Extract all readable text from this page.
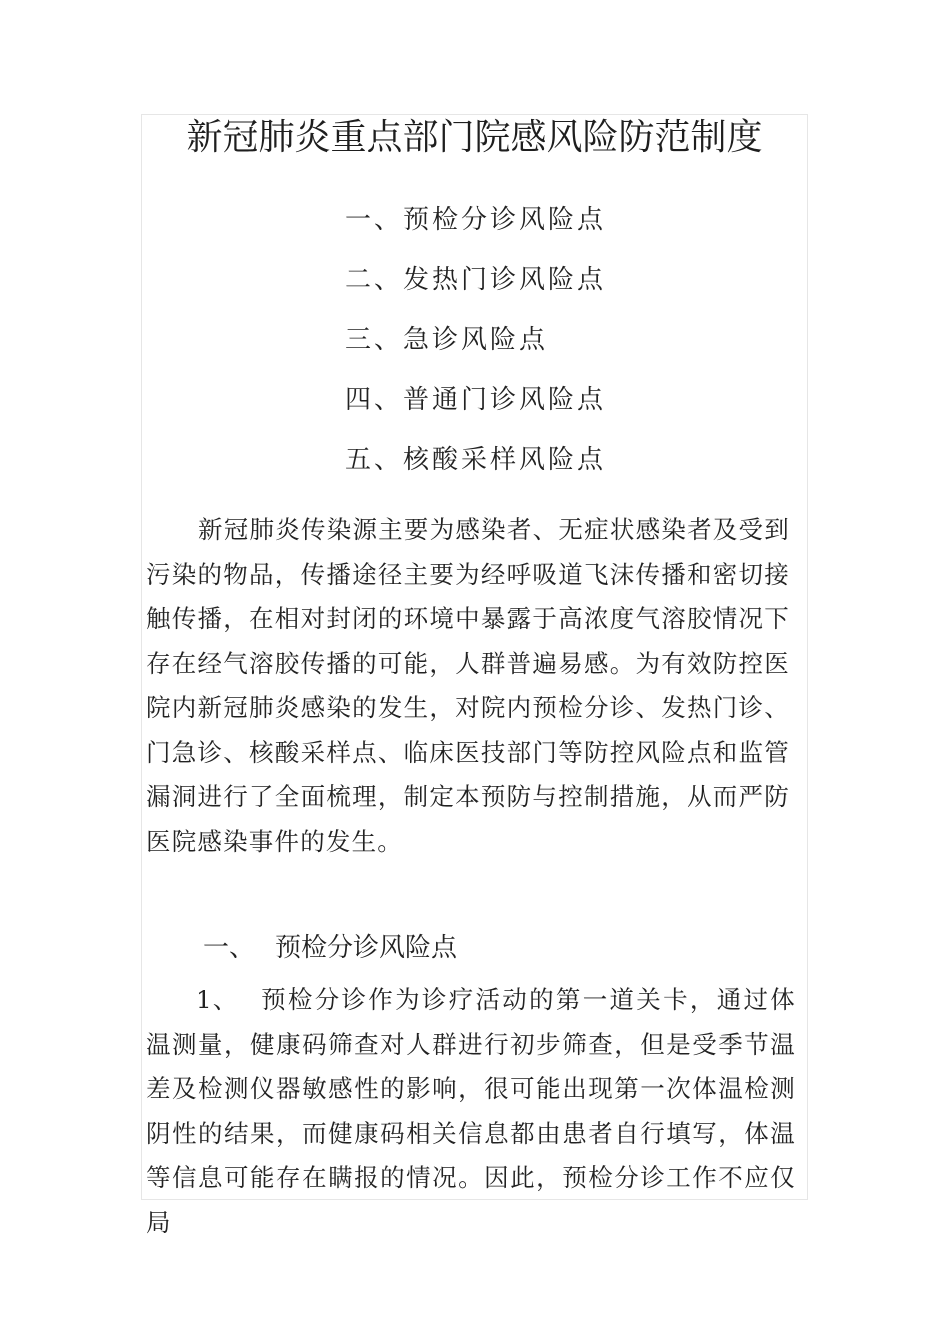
新冠肺炎重点部门院感风险防范制度
一、预检分诊风险点
二、发热门诊风险点
三、急诊风险点
四、普通门诊风险点
五、核酸采样风险点

新冠肺炎传染源主要为感染者、无症状感染者及受到污染的物品，传播途径主要为经呼吸道飞沫传播和密切接触传播，在相对封闭的环境中暴露于高浓度气溶胶情况下存在经气溶胶传播的可能，人群普遍易感。为有效防控医院内新冠肺炎感染的发生，对院内预检分诊、发热门诊、门急诊、核酸采样点、临床医技部门等防控风险点和监管漏洞进行了全面梳理，制定本预防与控制措施，从而严防医院感染事件的发生。

一、 预检分诊风险点

1、 预检分诊作为诊疗活动的第一道关卡，通过体温测量，健康码筛查对人群进行初步筛查，但是受季节温差及检测仪器敏感性的影响，很可能出现第一次体温检测阴性的结果，而健康码相关信息都由患者自行填写，体温等信息可能存在瞒报的情况。因此，预检分诊工作不应仅局
